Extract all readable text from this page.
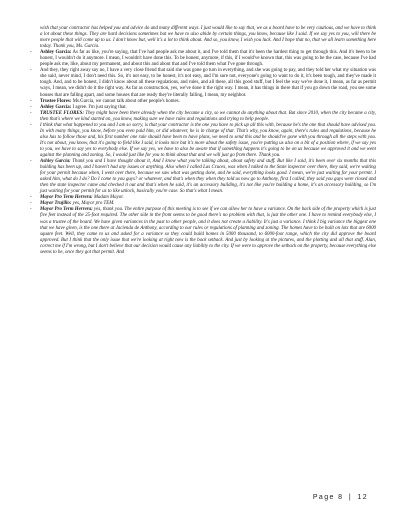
wish that your contractor has helped you and advice do and many different ways. I just would like to say that, we as a board have to be very cautious, and we have to think a lot about these things. They are hard decisions sometimes but we have to also abide by certain things, you know, because like I said. If we say yes to you, will there be more people that will come up to us. I don't know but, well it's a lot to think about. And so, you know, I wish you luck. And I hope that no, that we all learn something here today. Thank you, Ms. Garcia.

-	Ashley Garcia: As far as like, you're saying, that I've had people ask me about it, and I've told them that it's been the hardest thing to get through this. And it's been to be honest, I wouldn't do it anymore. I mean, I wouldn't have done this. To be honest, anymore, if this, if I would've known that, this was going to be the case, because I've had people ask me, like, about my permanent, and about this and about that and I've told them what I've gone through.

-	And they, they right away say no, I have a very close friend that said she was gone go turn in everything, and she was going to pay, and they told her what my situation was she said, never mind, I don't need this. So, it's not easy, to be honest, it's not easy, and I'm sure not, everyone's going to want to do it, it's been tough, and they've made it tough. And, and to be honest, I didn't know about all these regulations, and rules, and all these, all this good stuff, but I feel the way we've done it, I mean, as far as permit ways, I mean, we didn't do it the right way. As far as construction, yes, we've done it the right way. I mean, it has things in there that if you go down the road, you see some houses that are falling apart, and some houses that are ready they're literally falling, I mean, my neighbor.

-	Trustee Flores: Ms.Garcia, we cannot talk about other people's homes.

-	Ashley Garcia: I agree. I'm just saying that.

-	TRUSTEE FLORES: They might have been there already when the city became a city, so we cannot do anything about that. But since 2010, when the city became a city, then that's where we kind started on, you know, making sure we have rules and regulations and trying to help people.

-	I think that what happened to you and I am so sorry, is that your contractor is the one you have to pick up all this with, because he's the one that should have advised you. In with many things, you know, before you even paid him, or did whatever, he is in charge of that. That's why, you know, again, there's rules and regulations, because he also has to follow those and, his first number one rule should have been to have plans, we need to send this and he should've gone with you through all the steps with you. It's not about, you know, that it's going to field like I said, it looks nice but it's more about the safety issue, you're putting us also on a bit of a position where, if we say yes to you, we have to say yes to everybody else. If we say yes, we have to also be aware that if something happens it's going to be on us because we approved it and we went against the planning and zoning. So, I would just like for you to think about that and we will just go from there. Thank you.

-	Ashley Garcia: Thank you and I have thought about it, And I know what you're talking about, about safety and stuff. But like I said, it's been over six months that this building has been up, and I haven't had any issues or anything. Also when I called Las Cruces, was when I talked to the State inspector over there, they said, we're waiting for your permit because when, I went over there, because we saw what was getting done, and he said, everything looks good. I mean, we're just waiting for your permit. I asked him, what do I do? Do I come to you guys? or whatever, and that's when they when they told us now go to Anthony, first I called, they said you guys were closed and then the state inspector came and checked it out and that's when he said, it's an accessory building, it's not like you're building a home, it's an accessory building, so I'm just waiting for your permit for us to like unlock, basically you're case. So that's what I mean.

-	Mayor Pro Term Herrera: Madam Mayor.

-	Mayor Trujillo: yes, Mayor pro TEM.

-	Mayor Pro Term Herrera: yes, thank you. The entire purpose of this meeting is to see if we can allow her to have a variance. On the back side of the property which is just five feet instead of the 25-foot required. The other side in the front seems to be good there's no problem with that, is just the other one. I have to remind everybody else, I was a trustee of the board. We have given variances in the past to other people, and it does not create a liability. It's just a variance. I think I big variance the biggest one that we have given, is the one there at Jacienda de Anthony, according to our rules or regulations of planning and zoning. The homes have to be built on lots that are 6000 square feet. Well, they came to us and asked for a variance so they could build homes in 5000 thousand, to 6000-foot range, which the city did approve the board approved. But I think that the only issue that we're looking at right now is the back setback. And just by looking at the pictures, and the plotting and all that stuff. Alan, correct me if I'm wrong, but I don't believe that our decision would cause any liability to the city. If we were to approve the setback on the property, because everything else seems to be, once they got that permit. And

Page 8 | 12
